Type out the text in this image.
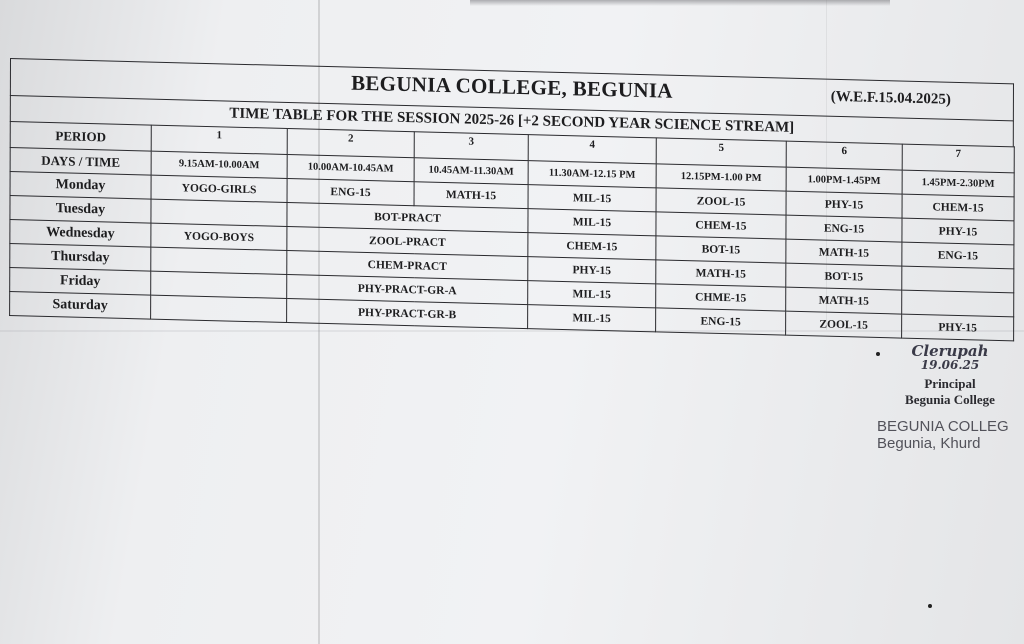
BEGUNIA COLLEGE, BEGUNIA	(W.E.F.15.04.2025)
TIME TABLE FOR THE SESSION 2025-26 [+2 SECOND YEAR SCIENCE STREAM]
PERIOD	1	2	3	4	5	6	7
DAYS / TIME	9.15AM-10.00AM	10.00AM-10.45AM	10.45AM-11.30AM	11.30AM-12.15 PM	12.15PM-1.00 PM	1.00PM-1.45PM	1.45PM-2.30PM
Monday	YOGO-GIRLS	ENG-15	MATH-15	MIL-15	ZOOL-15	PHY-15	CHEM-15
Tuesday		BOT-PRACT		MIL-15	CHEM-15	ENG-15	PHY-15
Wednesday	YOGO-BOYS	ZOOL-PRACT		CHEM-15	BOT-15	MATH-15	ENG-15
Thursday		CHEM-PRACT		PHY-15	MATH-15	BOT-15	
Friday		PHY-PRACT-GR-A		MIL-15	CHME-15	MATH-15	
Saturday		PHY-PRACT-GR-B		MIL-15	ENG-15	ZOOL-15	PHY-15
Clerupah
19.06.25
Principal
Begunia College
BEGUNIA COLLEG
Begunia, Khurd
